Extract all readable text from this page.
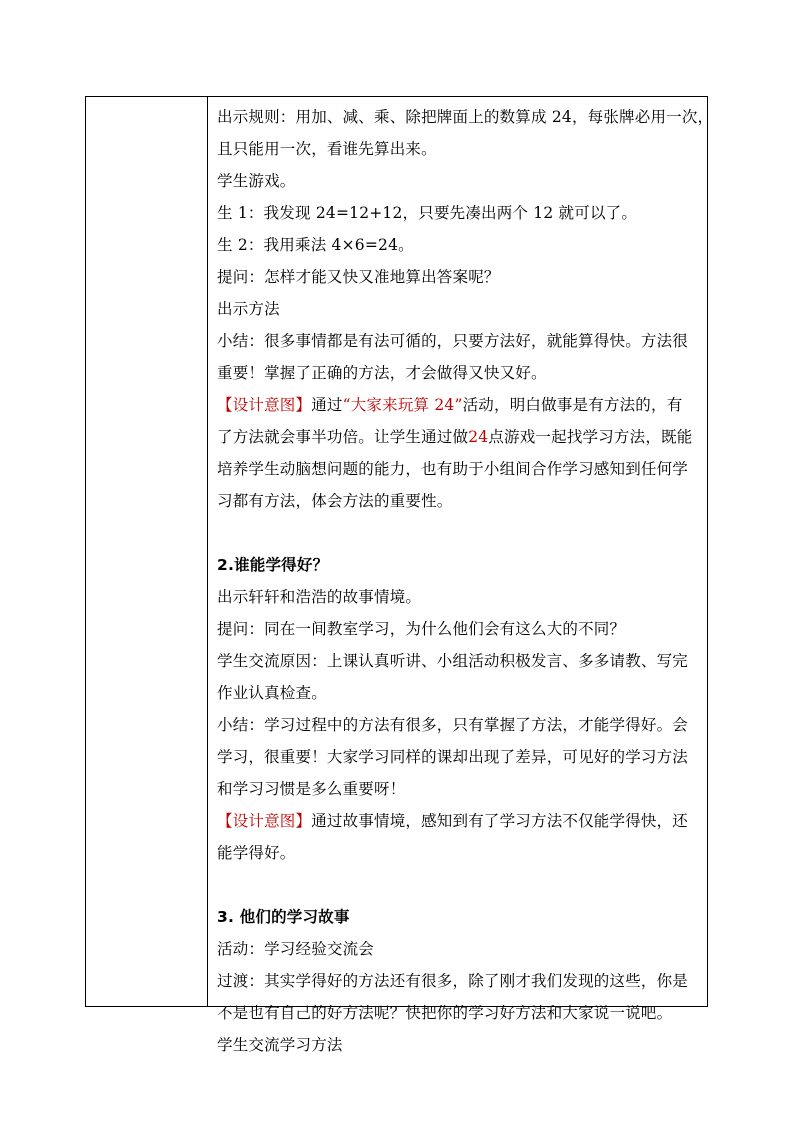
出示规则：用加、减、乘、除把牌面上的数算成 24，每张牌必用一次，
且只能用一次，看谁先算出来。
学生游戏。
生 1：我发现 24=12+12，只要先凑出两个 12 就可以了。
生 2：我用乘法 4×6=24。
提问：怎样才能又快又准地算出答案呢？
出示方法
小结：很多事情都是有法可循的，只要方法好，就能算得快。方法很
重要！掌握了正确的方法，才会做得又快又好。
【设计意图】通过“大家来玩算 24”活动，明白做事是有方法的，有
了方法就会事半功倍。让学生通过做24点游戏一起找学习方法，既能
培养学生动脑想问题的能力，也有助于小组间合作学习感知到任何学
习都有方法，体会方法的重要性。
2.谁能学得好？
出示轩轩和浩浩的故事情境。
提问：同在一间教室学习，为什么他们会有这么大的不同？
学生交流原因：上课认真听讲、小组活动积极发言、多多请教、写完
作业认真检查。
小结：学习过程中的方法有很多，只有掌握了方法，才能学得好。会
学习，很重要！大家学习同样的课却出现了差异，可见好的学习方法
和学习习惯是多么重要呀！
【设计意图】通过故事情境，感知到有了学习方法不仅能学得快，还
能学得好。
3. 他们的学习故事
活动：学习经验交流会
过渡：其实学得好的方法还有很多，除了刚才我们发现的这些，你是
不是也有自己的好方法呢？快把你的学习好方法和大家说一说吧。
学生交流学习方法
